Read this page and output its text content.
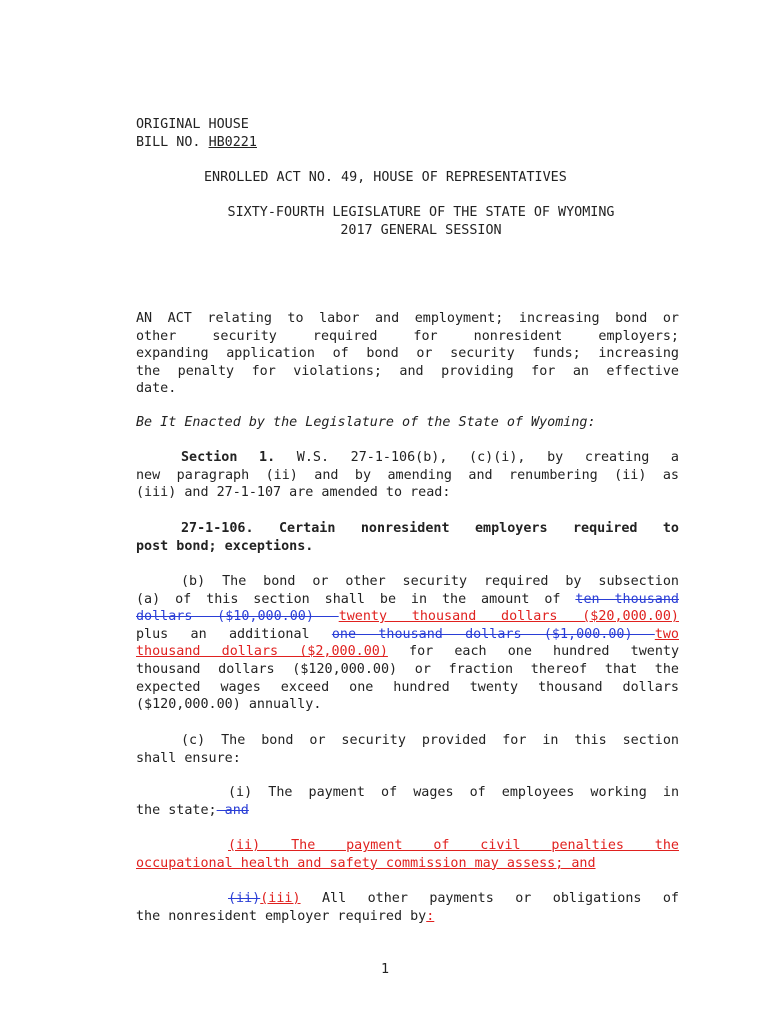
ORIGINAL HOUSE
BILL NO. HB0221
ENROLLED ACT NO. 49, HOUSE OF REPRESENTATIVES
SIXTY-FOURTH LEGISLATURE OF THE STATE OF WYOMING
2017 GENERAL SESSION
AN ACT relating to labor and employment; increasing bond or
other security required for nonresident employers;
expanding application of bond or security funds; increasing
the penalty for violations; and providing for an effective
date.
Be It Enacted by the Legislature of the State of Wyoming:
Section 1. W.S. 27-1-106(b), (c)(i), by creating a
new paragraph (ii) and by amending and renumbering (ii) as
(iii) and 27-1-107 are amended to read:
27-1-106. Certain nonresident employers required to
post bond; exceptions.
(b) The bond or other security required by subsection
(a) of this section shall be in the amount of ten thousand
dollars ($10,000.00) twenty thousand dollars ($20,000.00)
plus an additional one thousand dollars ($1,000.00) two
thousand dollars ($2,000.00) for each one hundred twenty
thousand dollars ($120,000.00) or fraction thereof that the
expected wages exceed one hundred twenty thousand dollars
($120,000.00) annually.
(c) The bond or security provided for in this section
shall ensure:
(i) The payment of wages of employees working in
the state; and
(ii) The payment of civil penalties the
occupational health and safety commission may assess; and
(ii)(iii) All other payments or obligations of
the nonresident employer required by:
1
